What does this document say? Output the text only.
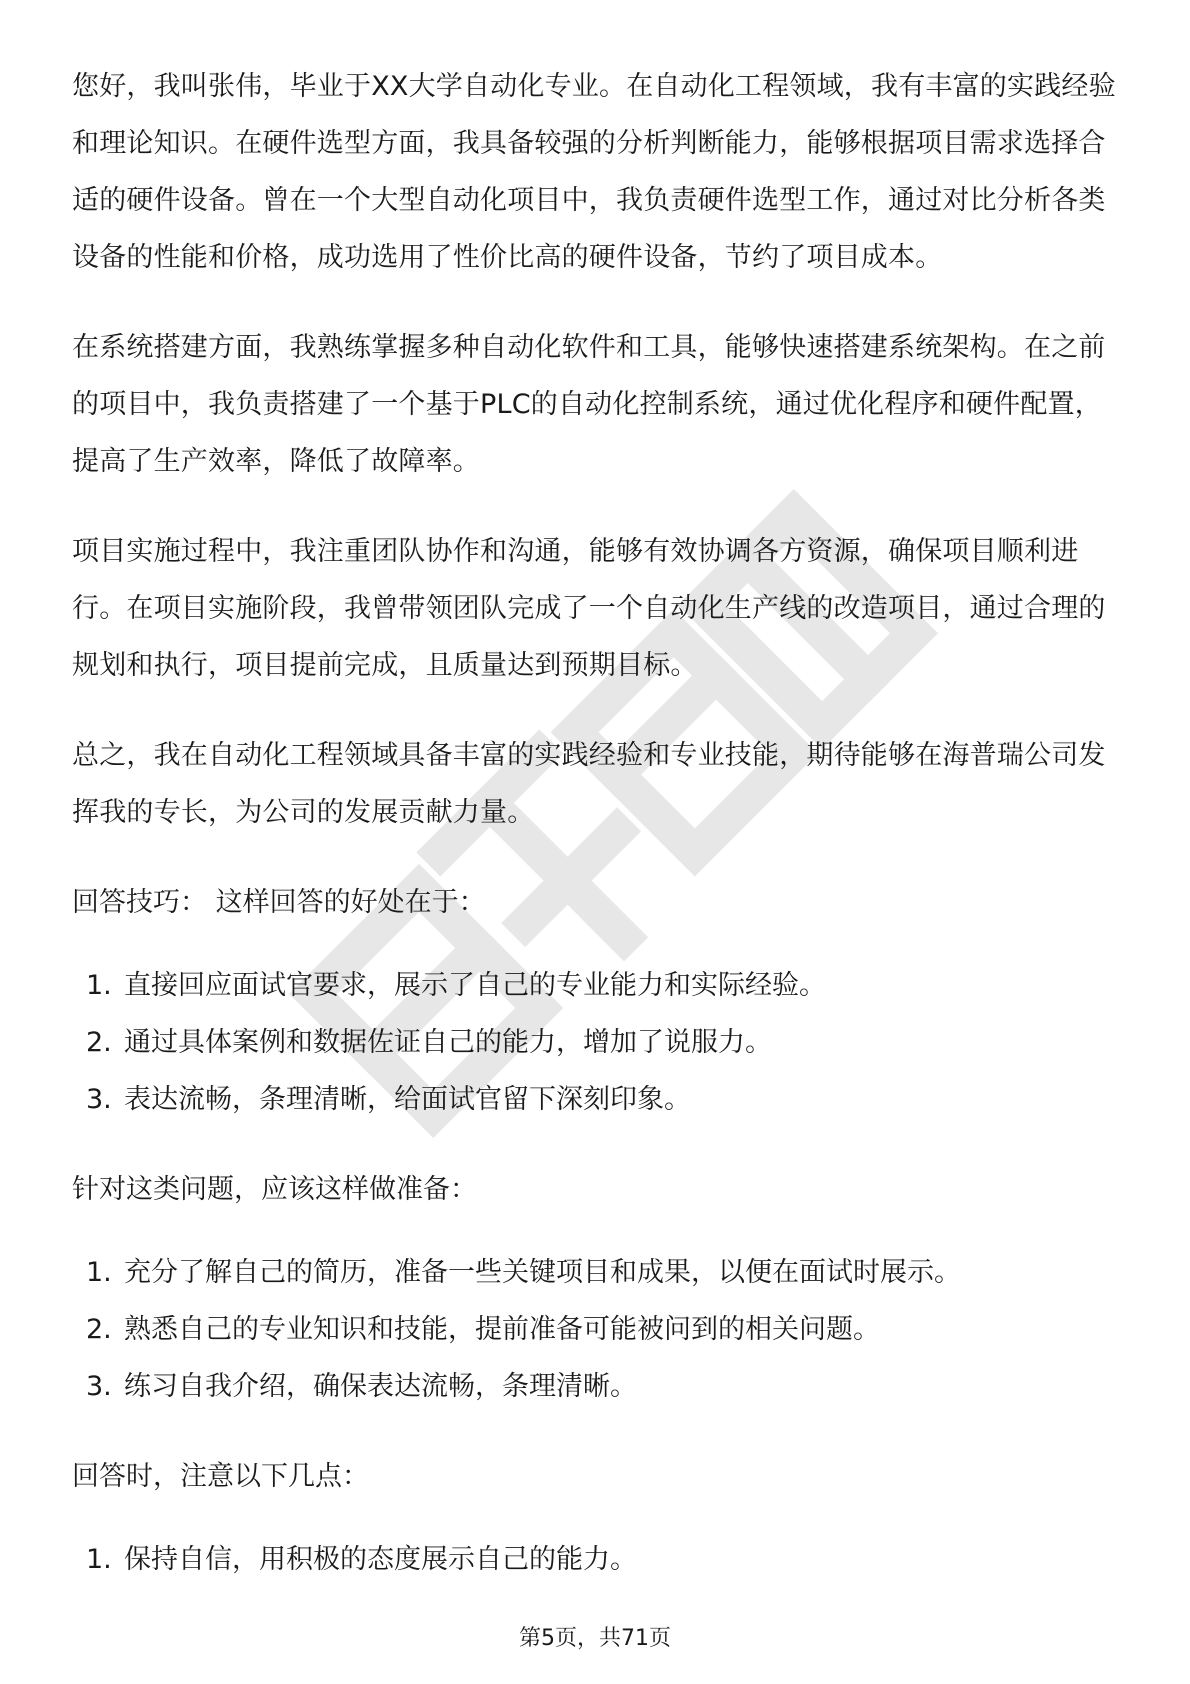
您好，我叫张伟，毕业于XX大学自动化专业。在自动化工程领域，我有丰富的实践经验和理论知识。在硬件选型方面，我具备较强的分析判断能力，能够根据项目需求选择合适的硬件设备。曾在一个大型自动化项目中，我负责硬件选型工作，通过对比分析各类设备的性能和价格，成功选用了性价比高的硬件设备，节约了项目成本。

在系统搭建方面，我熟练掌握多种自动化软件和工具，能够快速搭建系统架构。在之前的项目中，我负责搭建了一个基于PLC的自动化控制系统，通过优化程序和硬件配置，提高了生产效率，降低了故障率。

项目实施过程中，我注重团队协作和沟通，能够有效协调各方资源，确保项目顺利进行。在项目实施阶段，我曾带领团队完成了一个自动化生产线的改造项目，通过合理的规划和执行，项目提前完成，且质量达到预期目标。

总之，我在自动化工程领域具备丰富的实践经验和专业技能，期待能够在海普瑞公司发挥我的专长，为公司的发展贡献力量。

回答技巧： 这样回答的好处在于：

1. 直接回应面试官要求，展示了自己的专业能力和实际经验。
2. 通过具体案例和数据佐证自己的能力，增加了说服力。
3. 表达流畅，条理清晰，给面试官留下深刻印象。

针对这类问题，应该这样做准备：

1. 充分了解自己的简历，准备一些关键项目和成果，以便在面试时展示。
2. 熟悉自己的专业知识和技能，提前准备可能被问到的相关问题。
3. 练习自我介绍，确保表达流畅，条理清晰。

回答时，注意以下几点：

1. 保持自信，用积极的态度展示自己的能力。
第5页，共71页
